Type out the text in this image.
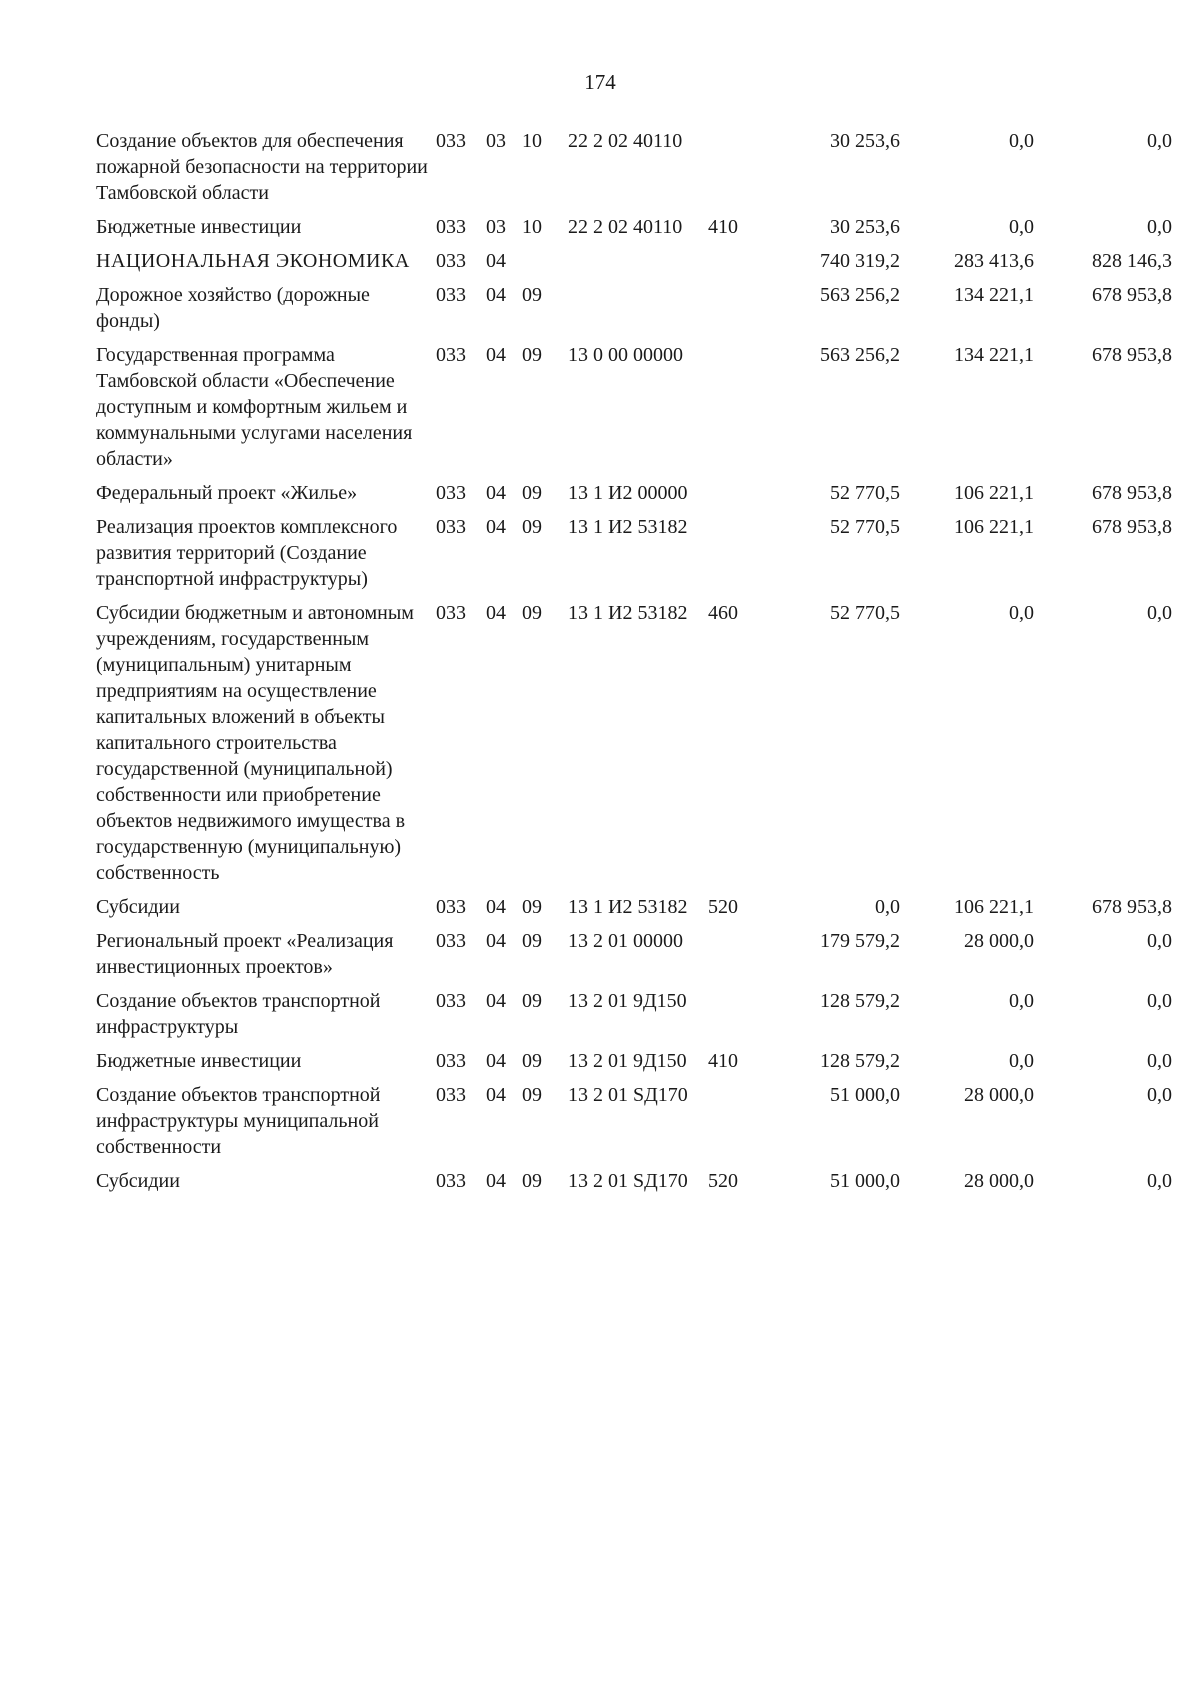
174
Создание объектов для обеспечения пожарной безопасности на территории Тамбовской области	033	03	10	22 2 02 40110		30 253,6	0,0	0,0
Бюджетные инвестиции	033	03	10	22 2 02 40110	410	30 253,6	0,0	0,0
НАЦИОНАЛЬНАЯ ЭКОНОМИКА	033	04				740 319,2	283 413,6	828 146,3
Дорожное хозяйство (дорожные фонды)	033	04	09			563 256,2	134 221,1	678 953,8
Государственная программа Тамбовской области «Обеспечение доступным и комфортным жильем и коммунальными услугами населения области»	033	04	09	13 0 00 00000		563 256,2	134 221,1	678 953,8
Федеральный проект «Жилье»	033	04	09	13 1 И2 00000		52 770,5	106 221,1	678 953,8
Реализация проектов комплексного развития территорий (Создание транспортной инфраструктуры)	033	04	09	13 1 И2 53182		52 770,5	106 221,1	678 953,8
Субсидии бюджетным и автономным учреждениям, государственным (муниципальным) унитарным предприятиям на осуществление капитальных вложений в объекты капитального строительства государственной (муниципальной) собственности или приобретение объектов недвижимого имущества в государственную (муниципальную) собственность	033	04	09	13 1 И2 53182	460	52 770,5	0,0	0,0
Субсидии	033	04	09	13 1 И2 53182	520	0,0	106 221,1	678 953,8
Региональный проект «Реализация инвестиционных проектов»	033	04	09	13 2 01 00000		179 579,2	28 000,0	0,0
Создание объектов транспортной инфраструктуры	033	04	09	13 2 01 9Д150		128 579,2	0,0	0,0
Бюджетные инвестиции	033	04	09	13 2 01 9Д150	410	128 579,2	0,0	0,0
Создание объектов транспортной инфраструктуры муниципальной собственности	033	04	09	13 2 01 SД170		51 000,0	28 000,0	0,0
Субсидии	033	04	09	13 2 01 SД170	520	51 000,0	28 000,0	0,0
